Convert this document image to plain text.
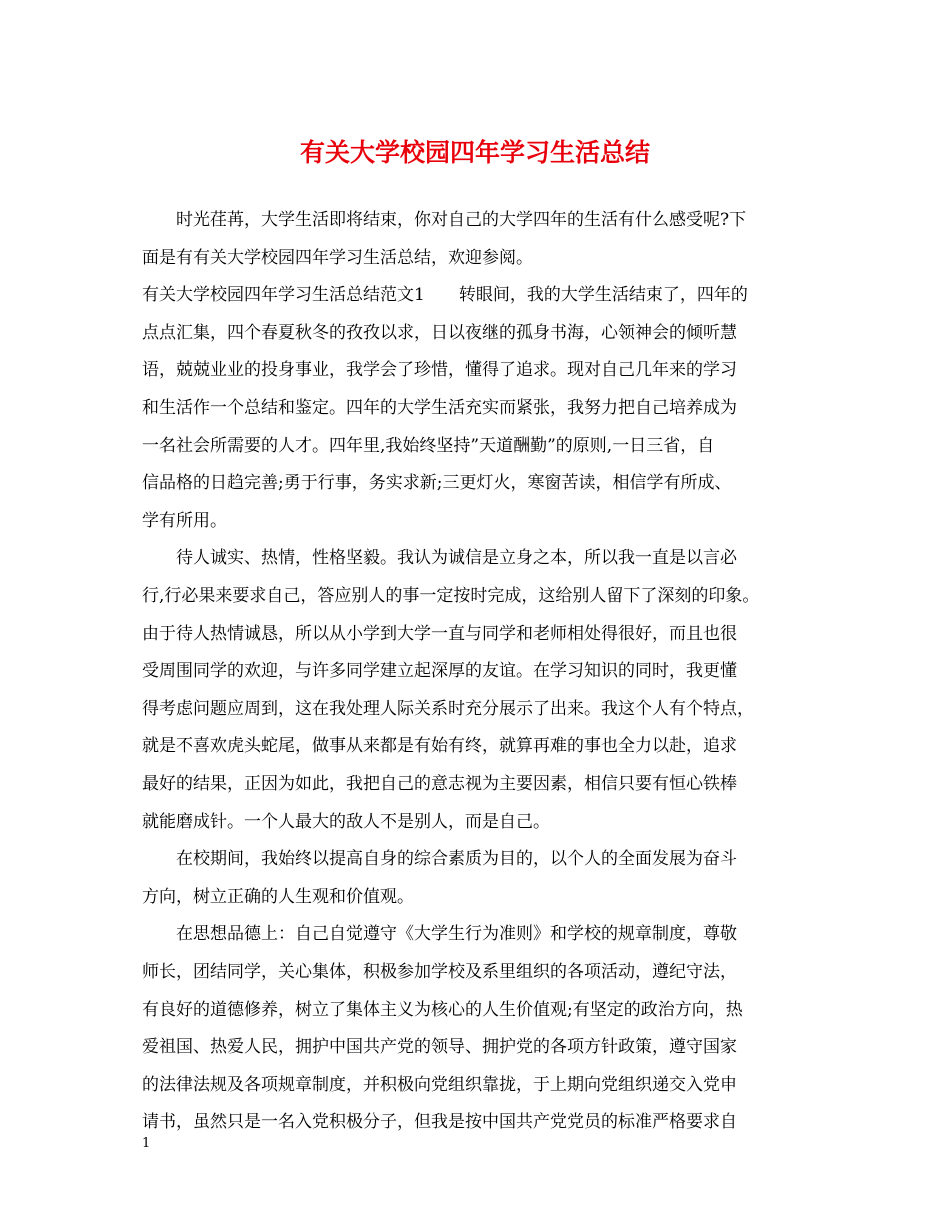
有关大学校园四年学习生活总结

　　时光荏苒，大学生活即将结束，你对自己的大学四年的生活有什么感受呢?下

面是有有关大学校园四年学习生活总结，欢迎参阅。

有关大学校园四年学习生活总结范文1　　转眼间，我的大学生活结束了，四年的

点点汇集，四个春夏秋冬的孜孜以求，日以夜继的孤身书海，心领神会的倾听慧

语，兢兢业业的投身事业，我学会了珍惜，懂得了追求。现对自己几年来的学习

和生活作一个总结和鉴定。四年的大学生活充实而紧张，我努力把自己培养成为

一名社会所需要的人才。四年里,我始终坚持”天道酬勤”的原则,一日三省，自

信品格的日趋完善;勇于行事，务实求新;三更灯火，寒窗苦读，相信学有所成、

学有所用。

　　待人诚实、热情，性格坚毅。我认为诚信是立身之本，所以我一直是以言必

行,行必果来要求自己，答应别人的事一定按时完成，这给别人留下了深刻的印象。

由于待人热情诚恳，所以从小学到大学一直与同学和老师相处得很好，而且也很

受周围同学的欢迎，与许多同学建立起深厚的友谊。在学习知识的同时，我更懂

得考虑问题应周到，这在我处理人际关系时充分展示了出来。我这个人有个特点，

就是不喜欢虎头蛇尾，做事从来都是有始有终，就算再难的事也全力以赴，追求

最好的结果，正因为如此，我把自己的意志视为主要因素，相信只要有恒心铁棒

就能磨成针。一个人最大的敌人不是别人，而是自己。

　　在校期间，我始终以提高自身的综合素质为目的，以个人的全面发展为奋斗

方向，树立正确的人生观和价值观。

　　在思想品德上：自己自觉遵守《大学生行为准则》和学校的规章制度，尊敬

师长，团结同学，关心集体，积极参加学校及系里组织的各项活动，遵纪守法，

有良好的道德修养，树立了集体主义为核心的人生价值观;有坚定的政治方向，热

爱祖国、热爱人民，拥护中国共产党的领导、拥护党的各项方针政策，遵守国家

的法律法规及各项规章制度，并积极向党组织靠拢，于上期向党组织递交入党申

请书，虽然只是一名入党积极分子，但我是按中国共产党党员的标准严格要求自

1
